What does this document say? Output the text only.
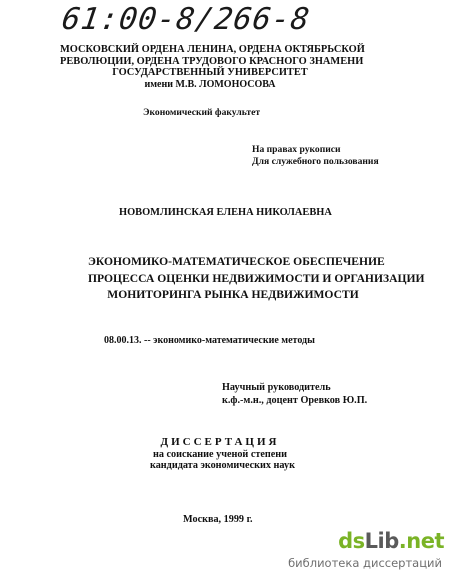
61:00-8/266-8
МОСКОВСКИЙ ОРДЕНА ЛЕНИНА, ОРДЕНА ОКТЯБРЬСКОЙ
РЕВОЛЮЦИИ, ОРДЕНА ТРУДОВОГО КРАСНОГО ЗНАМЕНИ
ГОСУДАРСТВЕННЫЙ УНИВЕРСИТЕТ
имени М.В. ЛОМОНОСОВА
Экономический факультет
На правах рукописи
Для служебного пользования
НОВОМЛИНСКАЯ ЕЛЕНА НИКОЛАЕВНА
ЭКОНОМИКО-МАТЕМАТИЧЕСКОЕ ОБЕСПЕЧЕНИЕ
ПРОЦЕССА ОЦЕНКИ НЕДВИЖИМОСТИ И ОРГАНИЗАЦИИ
МОНИТОРИНГА РЫНКА НЕДВИЖИМОСТИ
08.00.13. -- экономико-математические методы
Научный руководитель
к.ф.-м.н., доцент Оревков Ю.П.
ДИССЕРТАЦИЯ
на соискание ученой степени
кандидата экономических наук
Москва, 1999 г.
dsLib.net
библиотека диссертаций
